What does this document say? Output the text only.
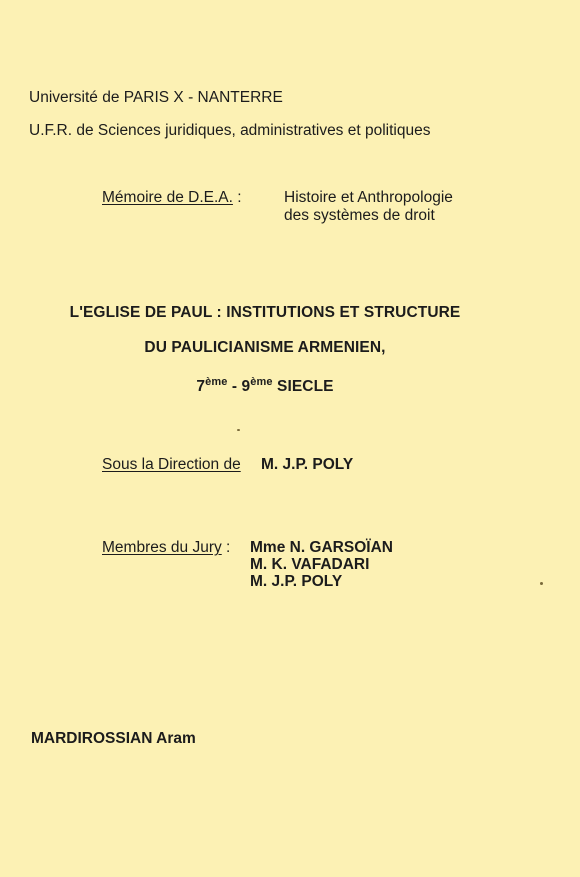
Université de PARIS X - NANTERRE
U.F.R. de Sciences juridiques, administratives et politiques
Mémoire de D.E.A. :	Histoire et Anthropologie
des systèmes de droit
L'EGLISE DE PAUL : INSTITUTIONS ET STRUCTURE
DU PAULICIANISME ARMENIEN,
7ème - 9ème SIECLE
Sous la Direction de M. J.P. POLY
Membres du Jury : Mme N. GARSOÏAN
M. K. VAFADARI
M. J.P. POLY
MARDIROSSIAN Aram
